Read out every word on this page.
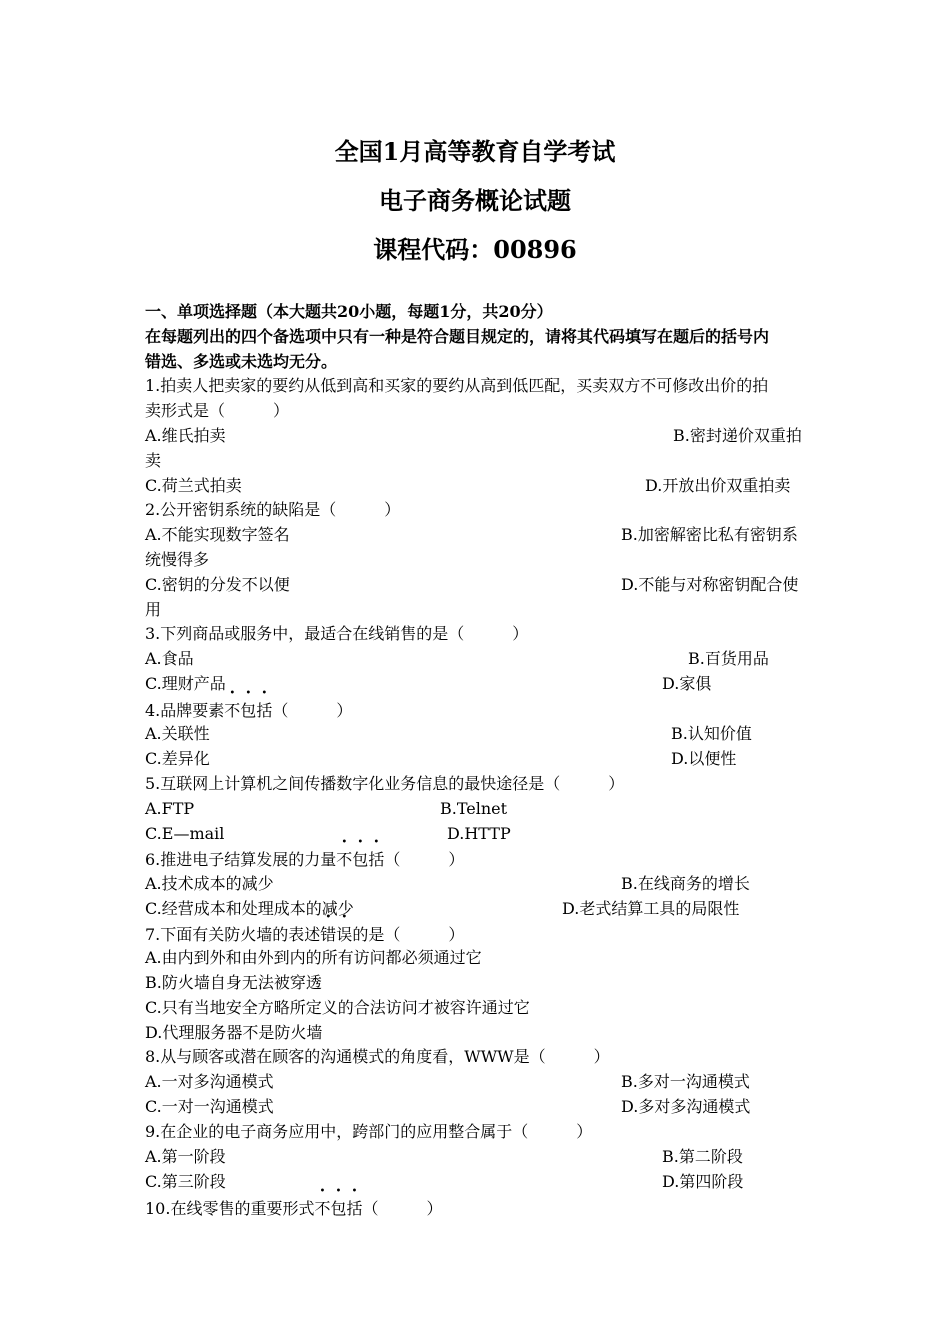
全国1月高等教育自学考试
电子商务概论试题
课程代码：00896
一、单项选择题（本大题共20小题，每题1分，共20分）
在每题列出的四个备选项中只有一种是符合题目规定的，请将其代码填写在题后的括号内
错选、多选或未选均无分。
1.拍卖人把卖家的要约从低到高和买家的要约从高到低匹配，买卖双方不可修改出价的拍
卖形式是（　　　）
A.维氏拍卖	B.密封递价双重拍
卖
C.荷兰式拍卖	D.开放出价双重拍卖
2.公开密钥系统的缺陷是（　　　）
A.不能实现数字签名	B.加密解密比私有密钥系
统慢得多
C.密钥的分发不以便	D.不能与对称密钥配合使
用
3.下列商品或服务中，最适合在线销售的是（　　　）
A.食品	B.百货用品
C.理财产品	D.家俱
4.品牌要素不包括（　　　）
A.关联性	B.认知价值
C.差异化	D.以便性
5.互联网上计算机之间传播数字化业务信息的最快途径是（　　　）
A.FTP	B.Telnet
C.E—mail	D.HTTP
6.推进电子结算发展的力量不包括（　　　）
A.技术成本的减少	B.在线商务的增长
C.经营成本和处理成本的减少	D.老式结算工具的局限性
7.下面有关防火墙的表述错误的是（　　　）
A.由内到外和由外到内的所有访问都必须通过它
B.防火墙自身无法被穿透
C.只有当地安全方略所定义的合法访问才被容许通过它
D.代理服务器不是防火墙
8.从与顾客或潜在顾客的沟通模式的角度看，WWW是（　　　）
A.一对多沟通模式	B.多对一沟通模式
C.一对一沟通模式	D.多对多沟通模式
9.在企业的电子商务应用中，跨部门的应用整合属于（　　　）
A.第一阶段	B.第二阶段
C.第三阶段	D.第四阶段
10.在线零售的重要形式不包括（　　　）
